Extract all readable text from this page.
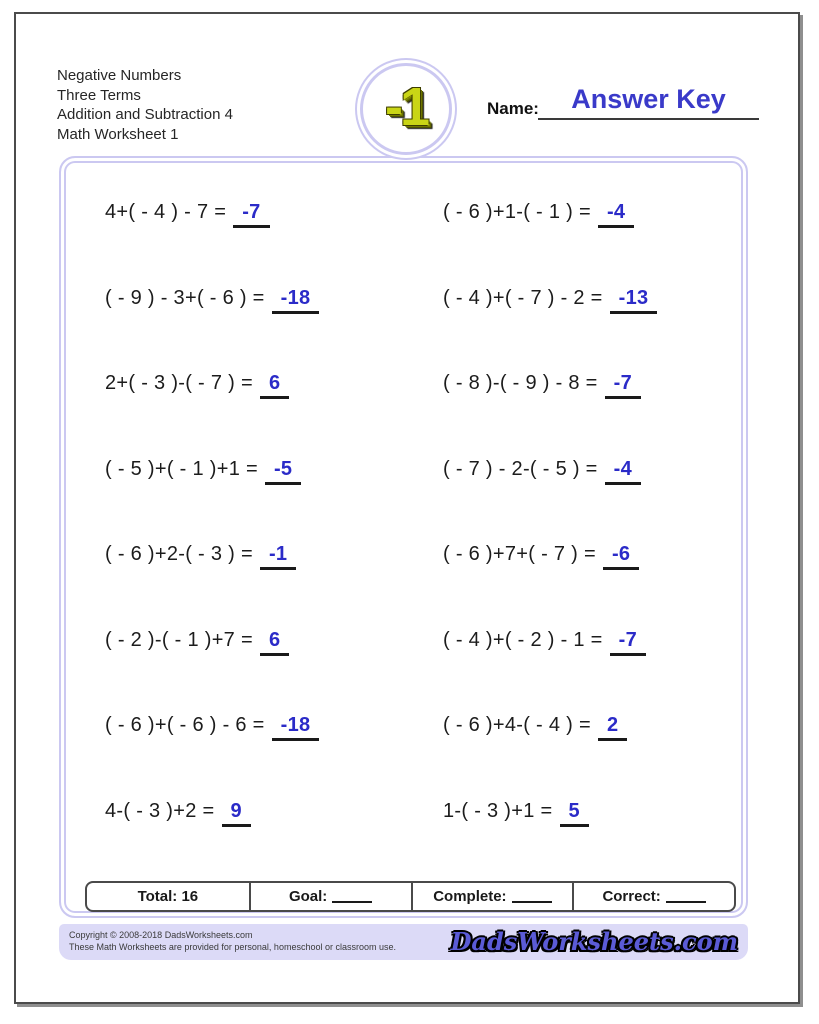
Negative Numbers
Three Terms
Addition and Subtraction 4
Math Worksheet 1	-1	Name:	Answer Key
4+( - 4 ) - 7 = -7	( - 6 )+1-( - 1 ) = -4
( - 9 ) - 3+( - 6 ) = -18	( - 4 )+( - 7 ) - 2 = -13
2+( - 3 )-( - 7 ) = 6	( - 8 )-( - 9 ) - 8 = -7
( - 5 )+( - 1 )+1 = -5	( - 7 ) - 2-( - 5 ) = -4
( - 6 )+2-( - 3 ) = -1	( - 6 )+7+( - 7 ) = -6
( - 2 )-( - 1 )+7 = 6	( - 4 )+( - 2 ) - 1 = -7
( - 6 )+( - 6 ) - 6 = -18	( - 6 )+4-( - 4 ) = 2
4-( - 3 )+2 = 9	1-( - 3 )+1 = 5
Total: 16	Goal:	Complete:	Correct:
Copyright © 2008-2018 DadsWorksheets.com
These Math Worksheets are provided for personal, homeschool or classroom use. DadsWorksheets.com
